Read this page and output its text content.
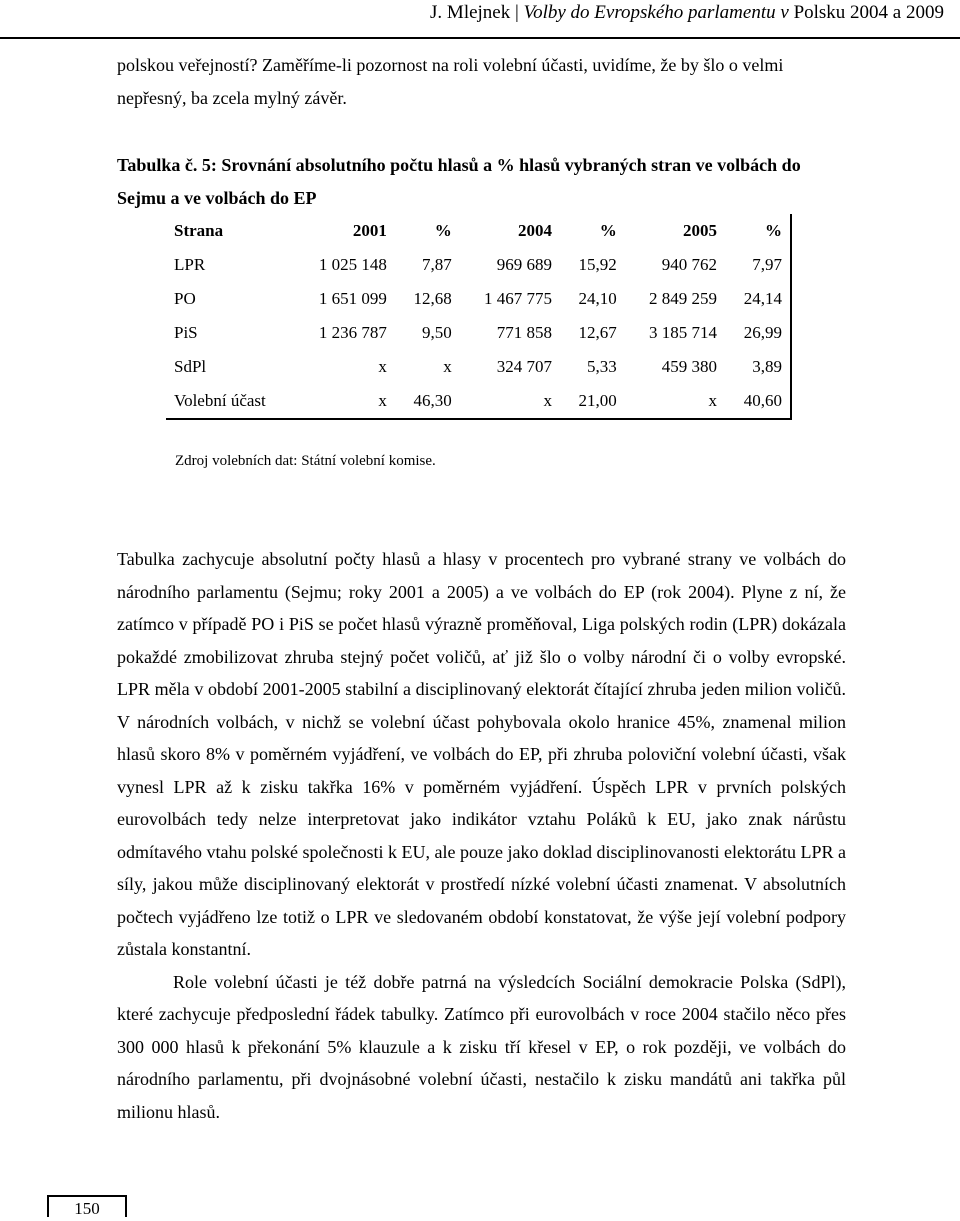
J. Mlejnek | Volby do Evropského parlamentu v Polsku 2004 a 2009

polskou veřejností? Zaměříme-li pozornost na roli volební účasti, uvidíme, že by šlo o velmi nepřesný, ba zcela mylný závěr.

Tabulka č. 5: Srovnání absolutního počtu hlasů a % hlasů vybraných stran ve volbách do Sejmu a ve volbách do EP

Strana	2001	%	2004	%	2005	%
LPR	1 025 148	7,87	969 689	15,92	940 762	7,97
PO	1 651 099	12,68	1 467 775	24,10	2 849 259	24,14
PiS	1 236 787	9,50	771 858	12,67	3 185 714	26,99
SdPl	x	x	324 707	5,33	459 380	3,89
Volební účast	x	46,30	x	21,00	x	40,60
Zdroj volebních dat: Státní volební komise.
Tabulka zachycuje absolutní počty hlasů a hlasy v procentech pro vybrané strany ve volbách do národního parlamentu (Sejmu; roky 2001 a 2005) a ve volbách do EP (rok 2004). Plyne z ní, že zatímco v případě PO i PiS se počet hlasů výrazně proměňoval, Liga polských rodin (LPR) dokázala pokaždé zmobilizovat zhruba stejný počet voličů, ať již šlo o volby národní či o volby evropské. LPR měla v období 2001-2005 stabilní a disciplinovaný elektorát čítající zhruba jeden milion voličů. V národních volbách, v nichž se volební účast pohybovala okolo hranice 45%, znamenal milion hlasů skoro 8% v poměrném vyjádření, ve volbách do EP, při zhruba poloviční volební účasti, však vynesl LPR až k zisku takřka 16% v poměrném vyjádření. Úspěch LPR v prvních polských eurovolbách tedy nelze interpretovat jako indikátor vztahu Poláků k EU, jako znak nárůstu odmítavého vtahu polské společnosti k EU, ale pouze jako doklad disciplinovanosti elektorátu LPR a síly, jakou může disciplinovaný elektorát v prostředí nízké volební účasti znamenat. V absolutních počtech vyjádřeno lze totiž o LPR ve sledovaném období konstatovat, že výše její volební podpory zůstala konstantní.
Role volební účasti je též dobře patrná na výsledcích Sociální demokracie Polska (SdPl), které zachycuje předposlední řádek tabulky. Zatímco při eurovolbách v roce 2004 stačilo něco přes 300 000 hlasů k překonání 5% klauzule a k zisku tří křesel v EP, o rok později, ve volbách do národního parlamentu, při dvojnásobné volební účasti, nestačilo k zisku mandátů ani takřka půl milionu hlasů.
150
